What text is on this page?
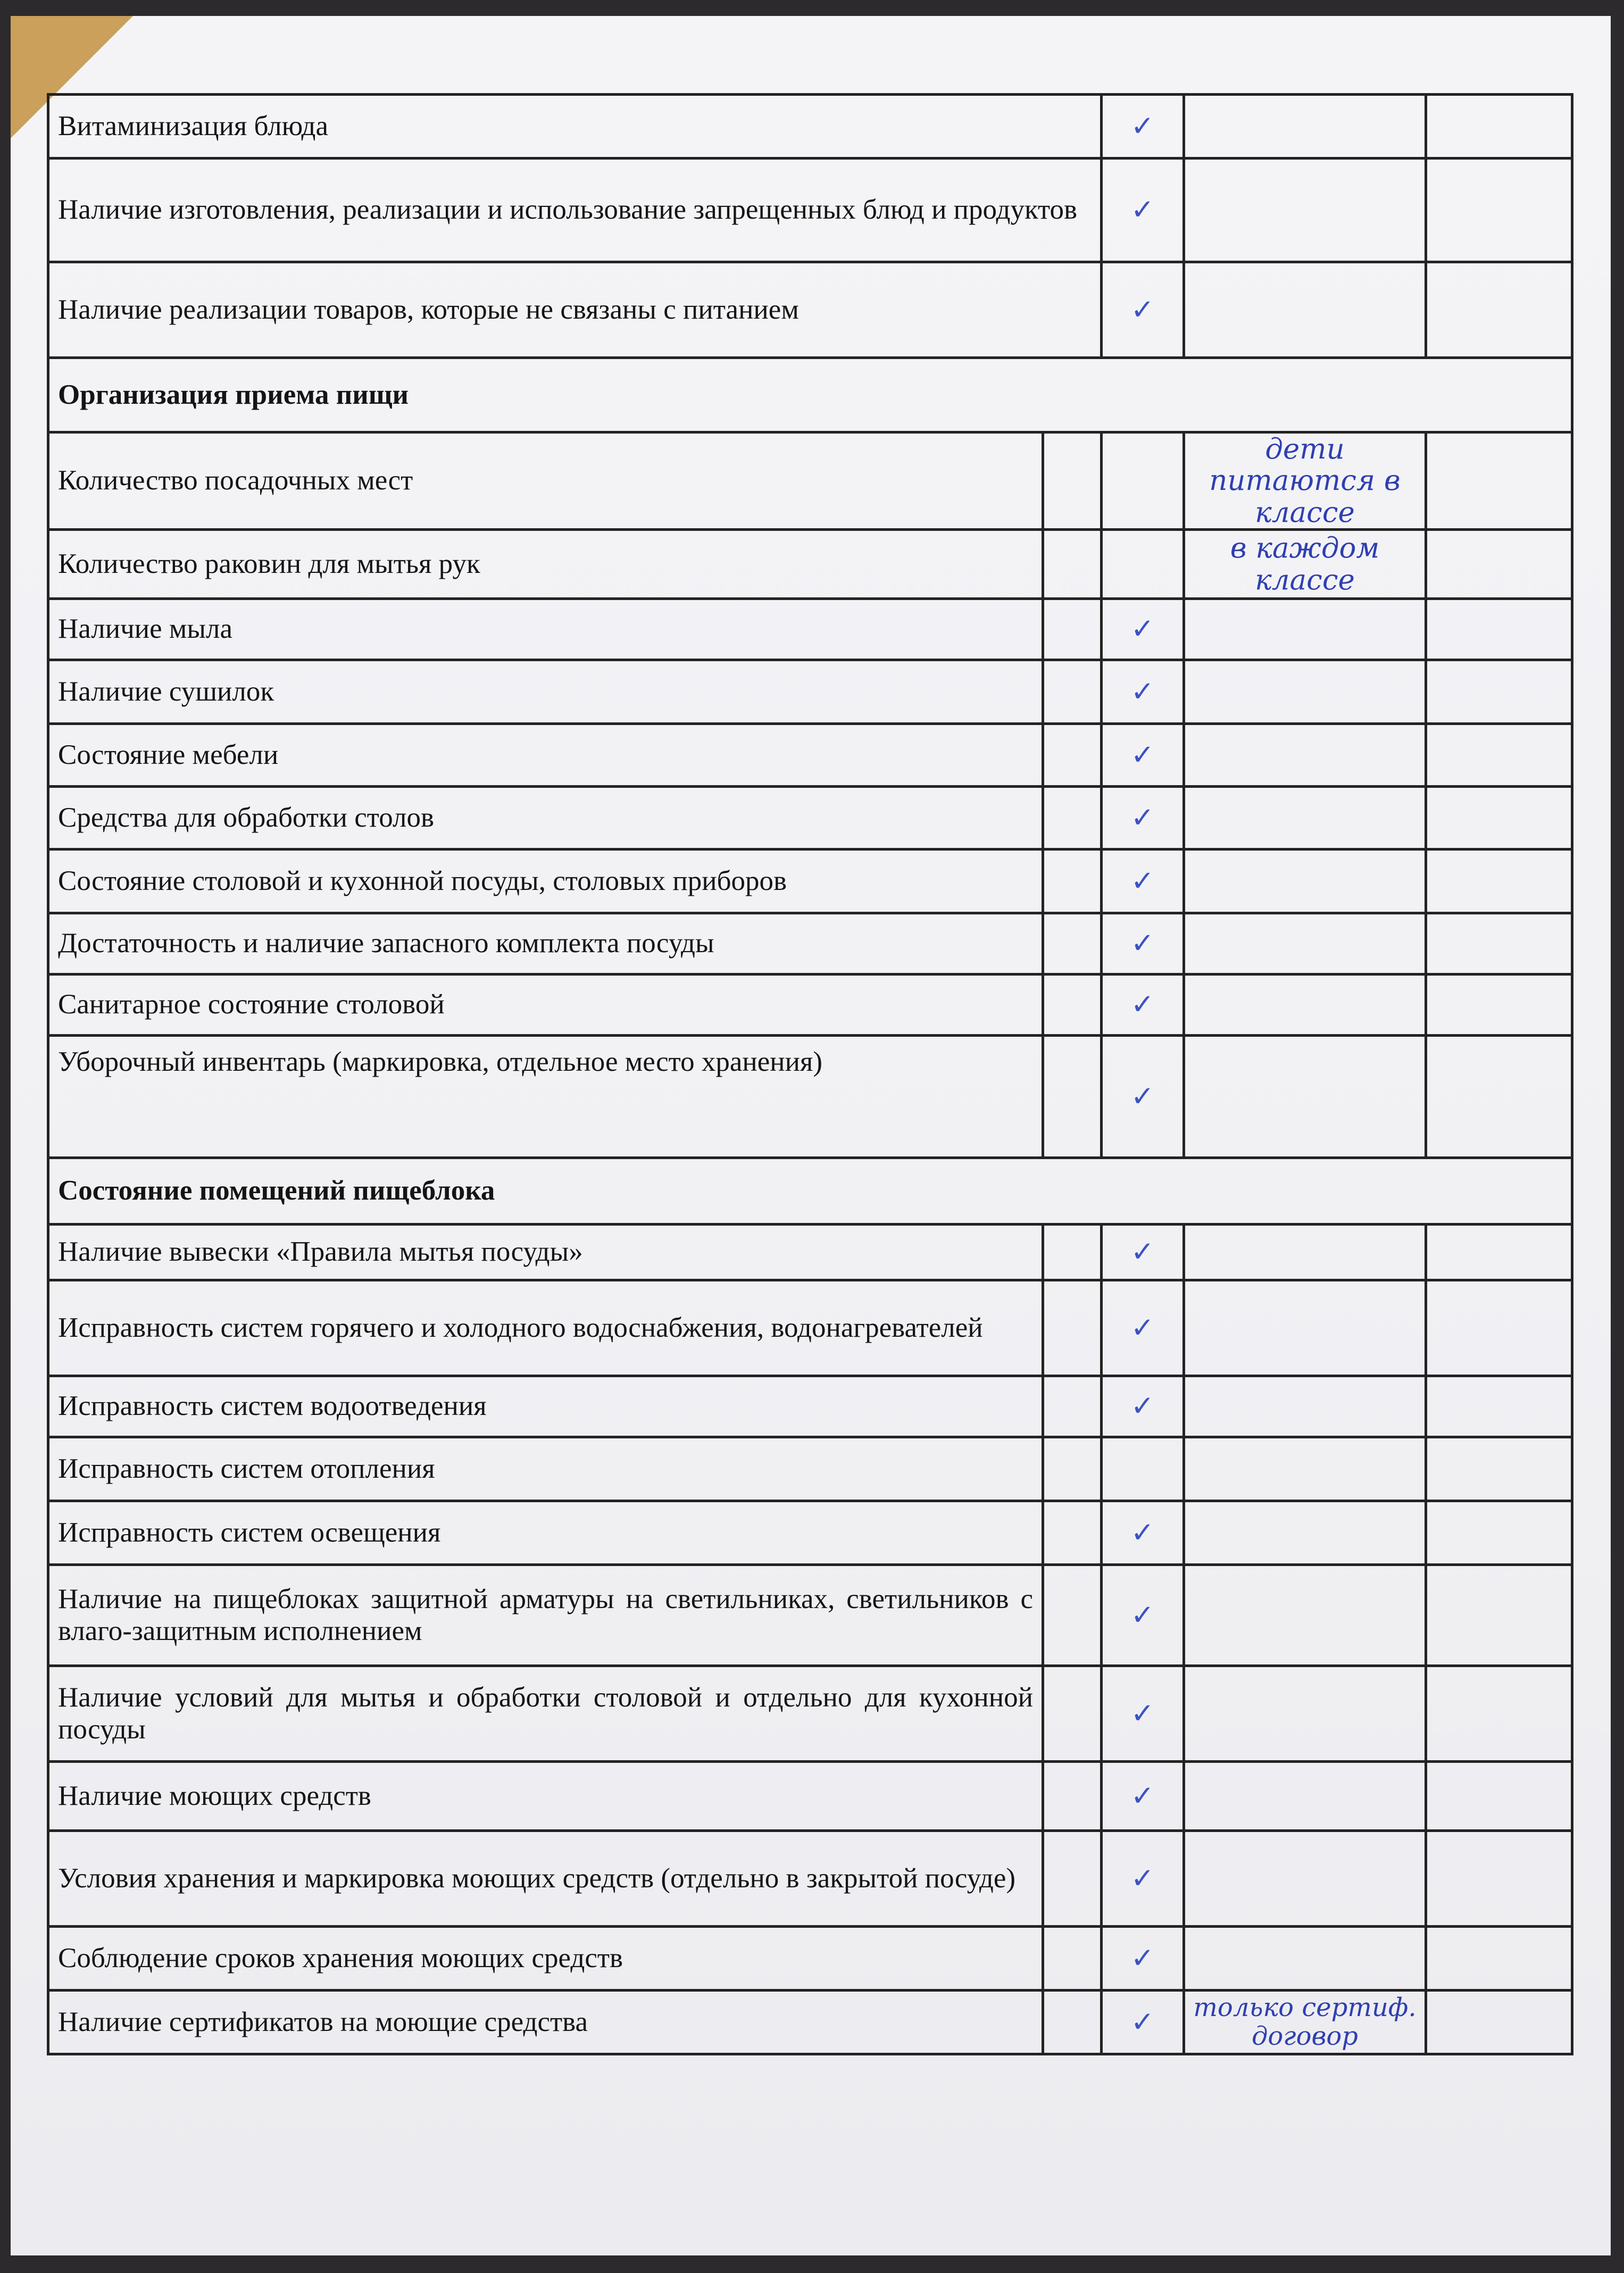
Витаминизация блюда		✓		
Наличие изготовления, реализации и использование запрещенных блюд и продуктов		✓		
Наличие реализации товаров, которые не связаны с питанием		✓		
Организация приема пищи				
Количество посадочных мест			дети питаются в классе	
Количество раковин для мытья рук			в каждом классе	
Наличие мыла		✓		
Наличие сушилок		✓		
Состояние мебели		✓		
Средства для обработки столов		✓		
Состояние столовой и кухонной посуды, столовых приборов		✓		
Достаточность и наличие запасного комплекта посуды		✓		
Санитарное состояние столовой		✓		
Уборочный инвентарь (маркировка, отдельное место хранения)		✓		
Состояние помещений пищеблока				
Наличие вывески «Правила мытья посуды»		✓		
Исправность систем горячего и холодного водоснабжения, водонагревателей		✓		
Исправность систем водоотведения		✓		
Исправность систем отопления				
Исправность систем освещения		✓		
Наличие на пищеблоках защитной арматуры на светильниках, светильников с влаго-защитным исполнением		✓		
Наличие условий для мытья и обработки столовой и отдельно для кухонной посуды		✓		
Наличие моющих средств		✓		
Условия хранения и маркировка моющих средств (отдельно в закрытой посуде)		✓		
Соблюдение сроков хранения моющих средств		✓		
Наличие сертификатов на моющие средства		✓	только сертиф. договор	
